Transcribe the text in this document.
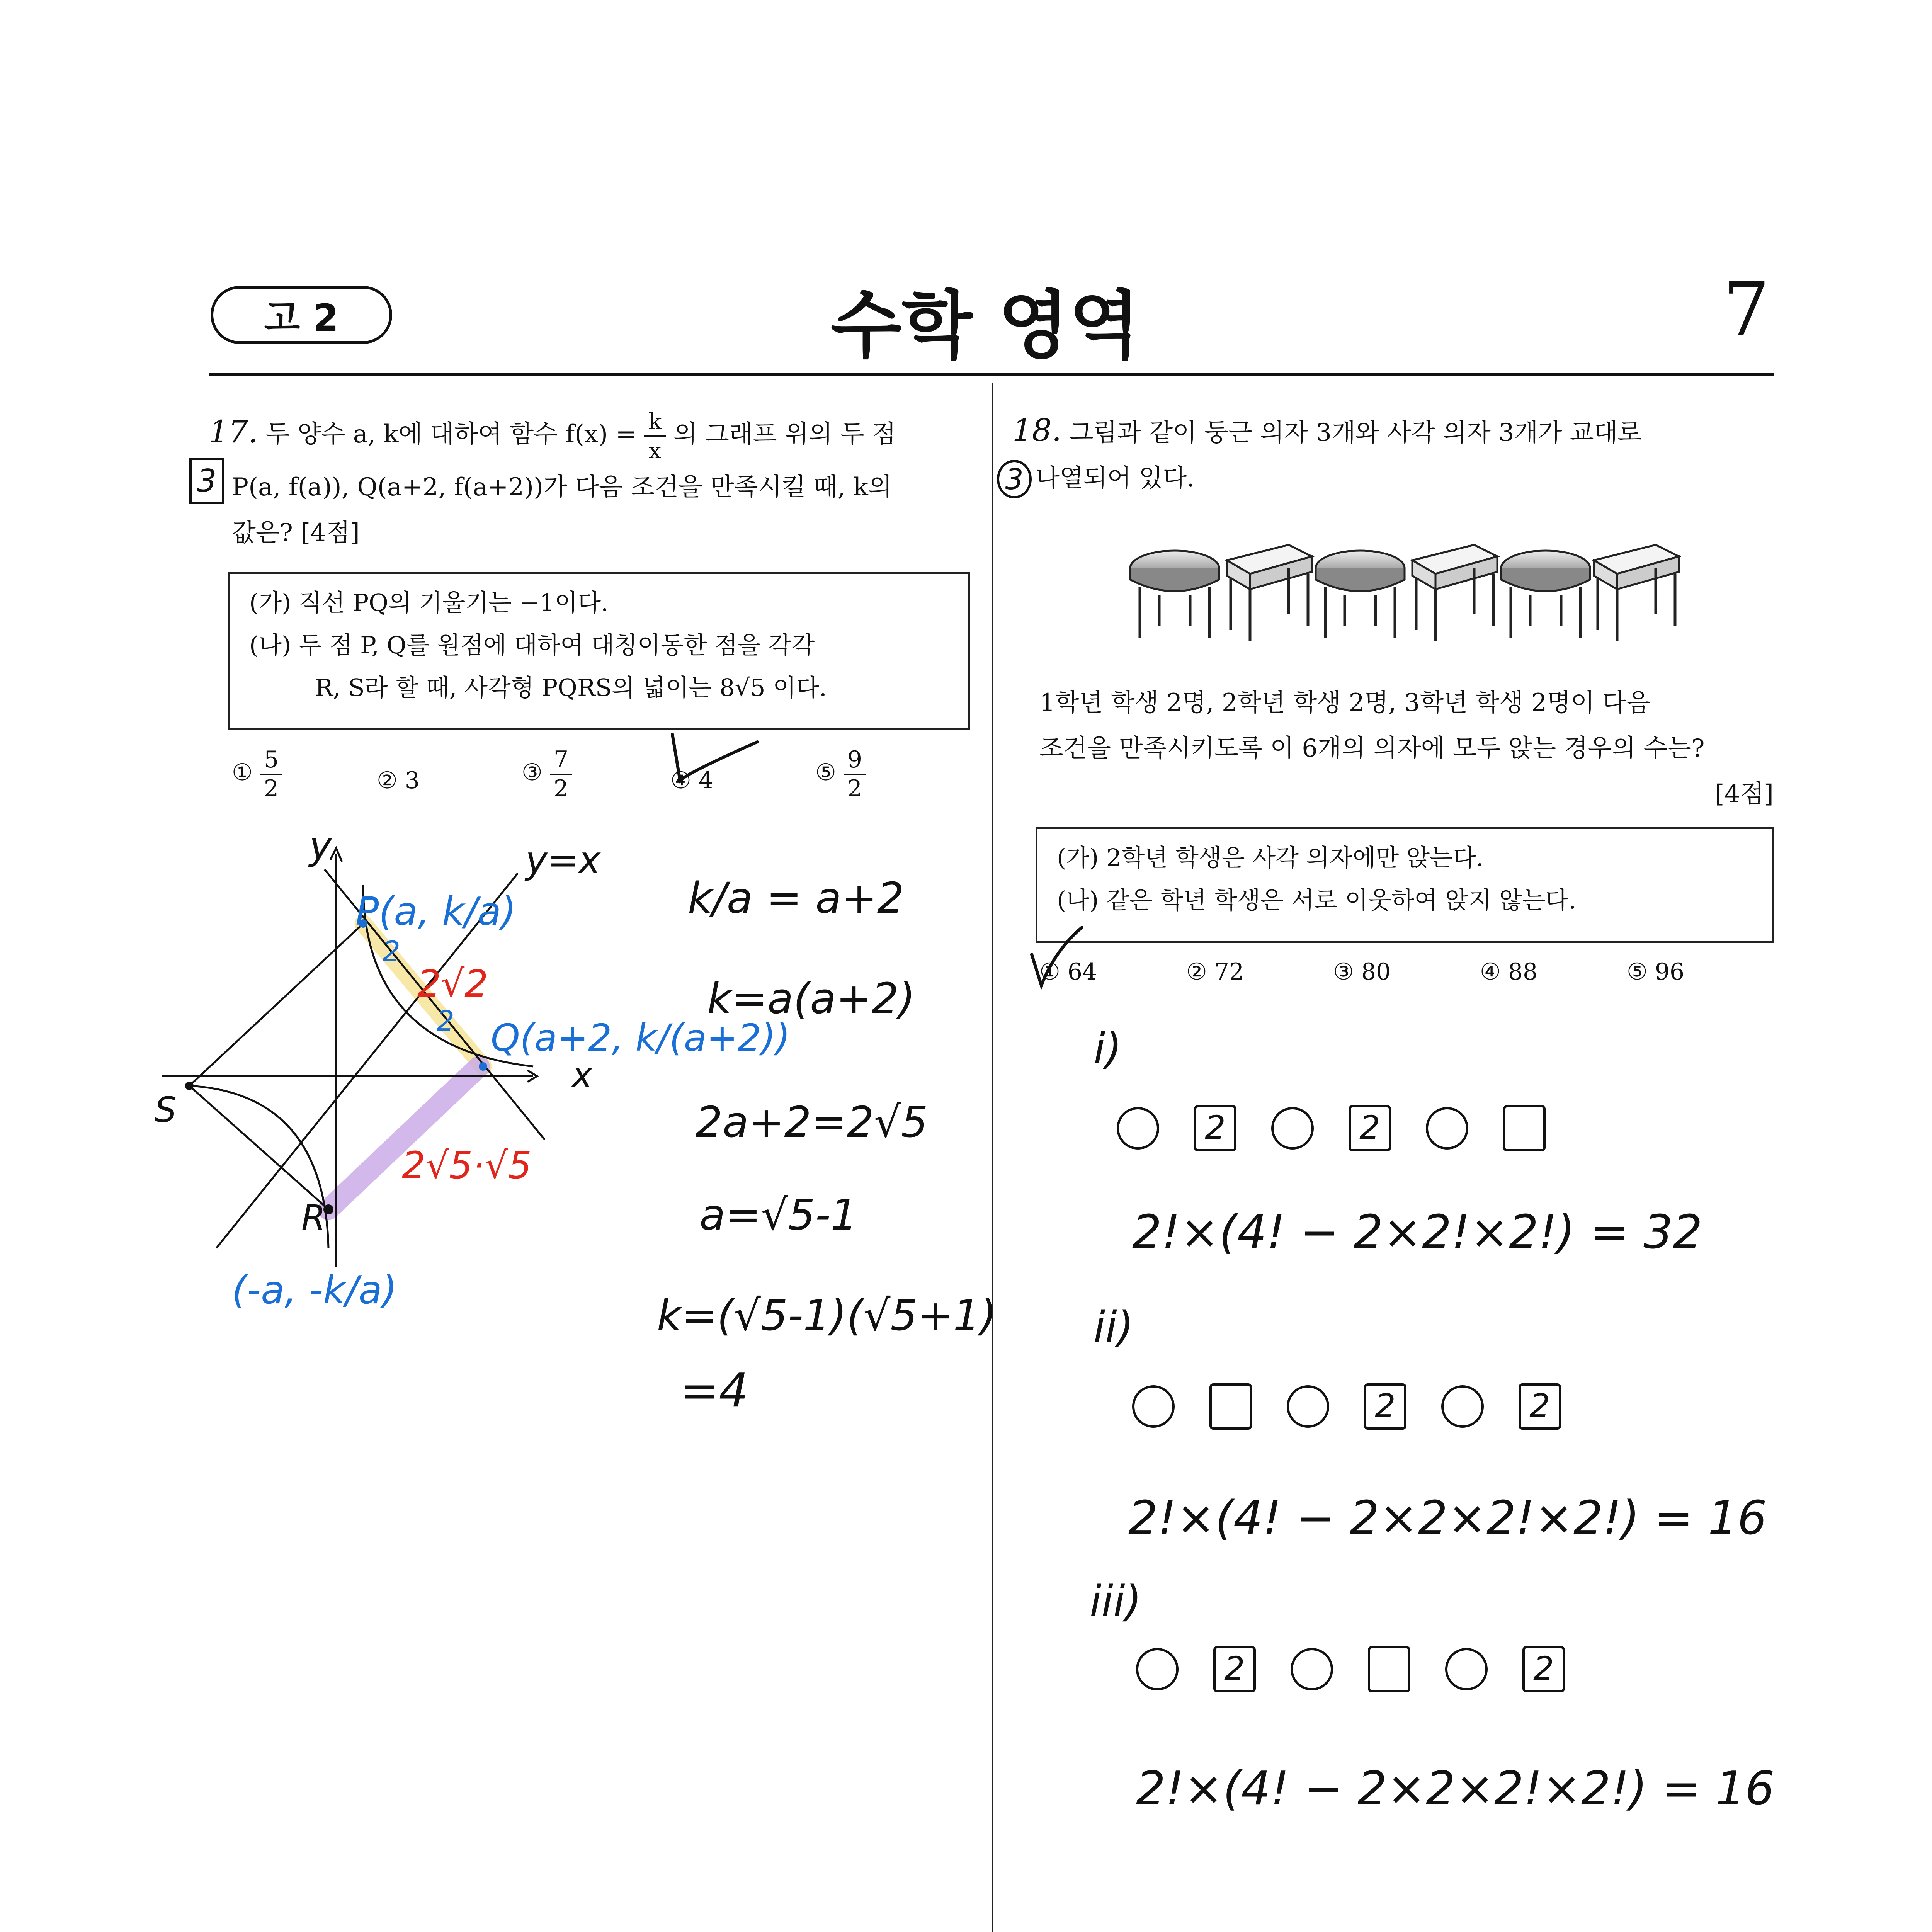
고 2	수학 영역	7
17. 두 양수 a, k에 대하여 함수 $f(x) = \frac{k}{x}$ 의 그래프 위의 두 점
P(a, f(a)), Q(a+2, f(a+2))가 다음 조건을 만족시킬 때, k의
값은? [4점]
3
(가) 직선 PQ의 기울기는 −1이다.
(나) 두 점 P, Q를 원점에 대하여 대칭이동한 점을 각각
R, S라 할 때, 사각형 PQRS의 넓이는 8√5 이다.
① $\frac{5}{2}$	② 3	③ $\frac{7}{2}$	④ 4	⑤ $\frac{9}{2}$
y	y=x
x
S
R
P(a, k/a)
Q(a+2, k/(a+2))
(-a, -k/a)
2
2
2√2
2√5·√5
k/a = a+2
k=a(a+2)
2a+2=2√5
a=√5-1
k=(√5-1)(√5+1)
=4
18. 그림과 같이 둥근 의자 3개와 사각 의자 3개가 교대로
나열되어 있다.
3
1학년 학생 2명, 2학년 학생 2명, 3학년 학생 2명이 다음
조건을 만족시키도록 이 6개의 의자에 모두 앉는 경우의 수는?
[4점]
(가) 2학년 학생은 사각 의자에만 앉는다.
(나) 같은 학년 학생은 서로 이웃하여 앉지 않는다.
① 64	② 72	③ 80	④ 88	⑤ 96
i)
2	2
2!×(4! − 2×2!×2!) = 32
ii)
2	2
2!×(4! − 2×2×2!×2!) = 16
iii)
2	2
2!×(4! − 2×2×2!×2!) = 16
